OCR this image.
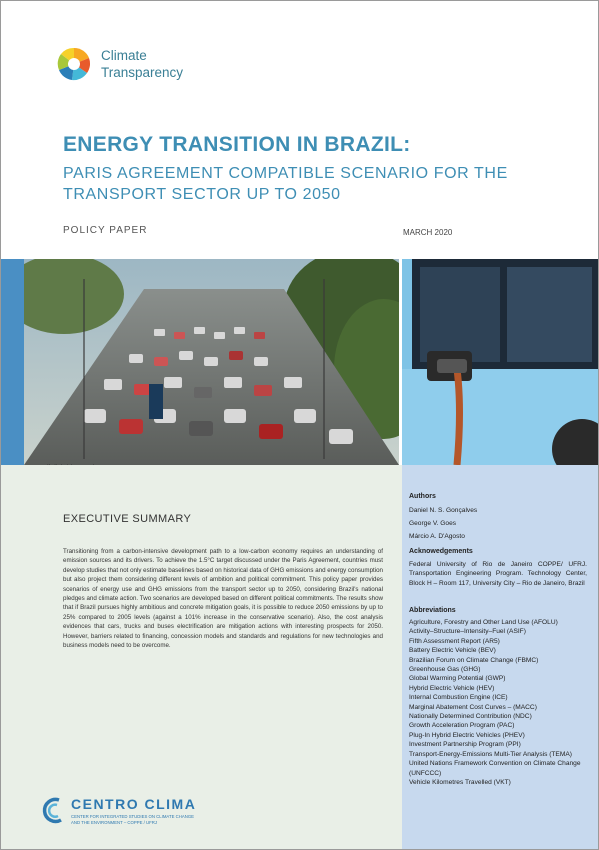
Climate
Transparency
ENERGY TRANSITION IN BRAZIL:
PARIS AGREEMENT COMPATIBLE SCENARIO FOR THE TRANSPORT SECTOR UP TO 2050
POLICY PAPER	MARCH 2020
EXECUTIVE SUMMARY
Transitioning from a carbon-intensive development path to a low-carbon economy requires an understanding of emission sources and its drivers. To achieve the 1.5°C target discussed under the Paris Agreement, countries must develop studies that not only estimate baselines based on historical data of GHG emissions and energy consumption but also project them considering different levels of ambition and political commitment. This policy paper provides scenarios of energy use and GHG emissions from the transport sector up to 2050, considering Brazil's national pledges and climate action. Two scenarios are developed based on different political commitments. The results show that if Brazil pursues highly ambitious and concrete mitigation goals, it is possible to reduce 2050 emissions by up to 25% compared to 2005 levels (against a 101% increase in the conservative scenario). Also, the cost analysis evidences that cars, trucks and buses electrification are mitigation actions with interesting prospects for 2050. However, barriers related to financing, concession models and standards and regulations for new technologies and business models need to be overcome.
Authors
Daniel N. S. Gonçalves
George V. Goes
Márcio A. D'Agosto
Acknowedgements
Federal University of Rio de Janeiro COPPE/ UFRJ. Transportation Engineering Program. Technology Center, Block H – Room 117, University City – Rio de Janeiro, Brazil
Abbreviations
Agriculture, Forestry and Other Land Use (AFOLU)
Activity–Structure–Intensity–Fuel (ASIF)
Fifth Assessment Report (AR5)
Battery Electric Vehicle (BEV)
Brazilian Forum on Climate Change (FBMC)
Greenhouse Gas (GHG)
Global Warming Potential (GWP)
Hybrid Electric Vehicle (HEV)
Internal Combustion Engine (ICE)
Marginal Abatement Cost Curves – (MACC)
Nationally Determined Contribution (NDC)
Growth Acceleration Program (PAC)
Plug-In Hybrid Electric Vehicles (PHEV)
Investment Partnership Program (PPI)
Transport-Energy-Emissions Multi-Tier Analysis (TEMA)
United Nations Framework Convention on Climate Change (UNFCCC)
Vehicle Kilometres Travelled (VKT)
CENTRO CLIMA
CENTER FOR INTEGRATED STUDIES ON CLIMATE CHANGE AND THE ENVIRONMENT – COPPE / UFRJ
